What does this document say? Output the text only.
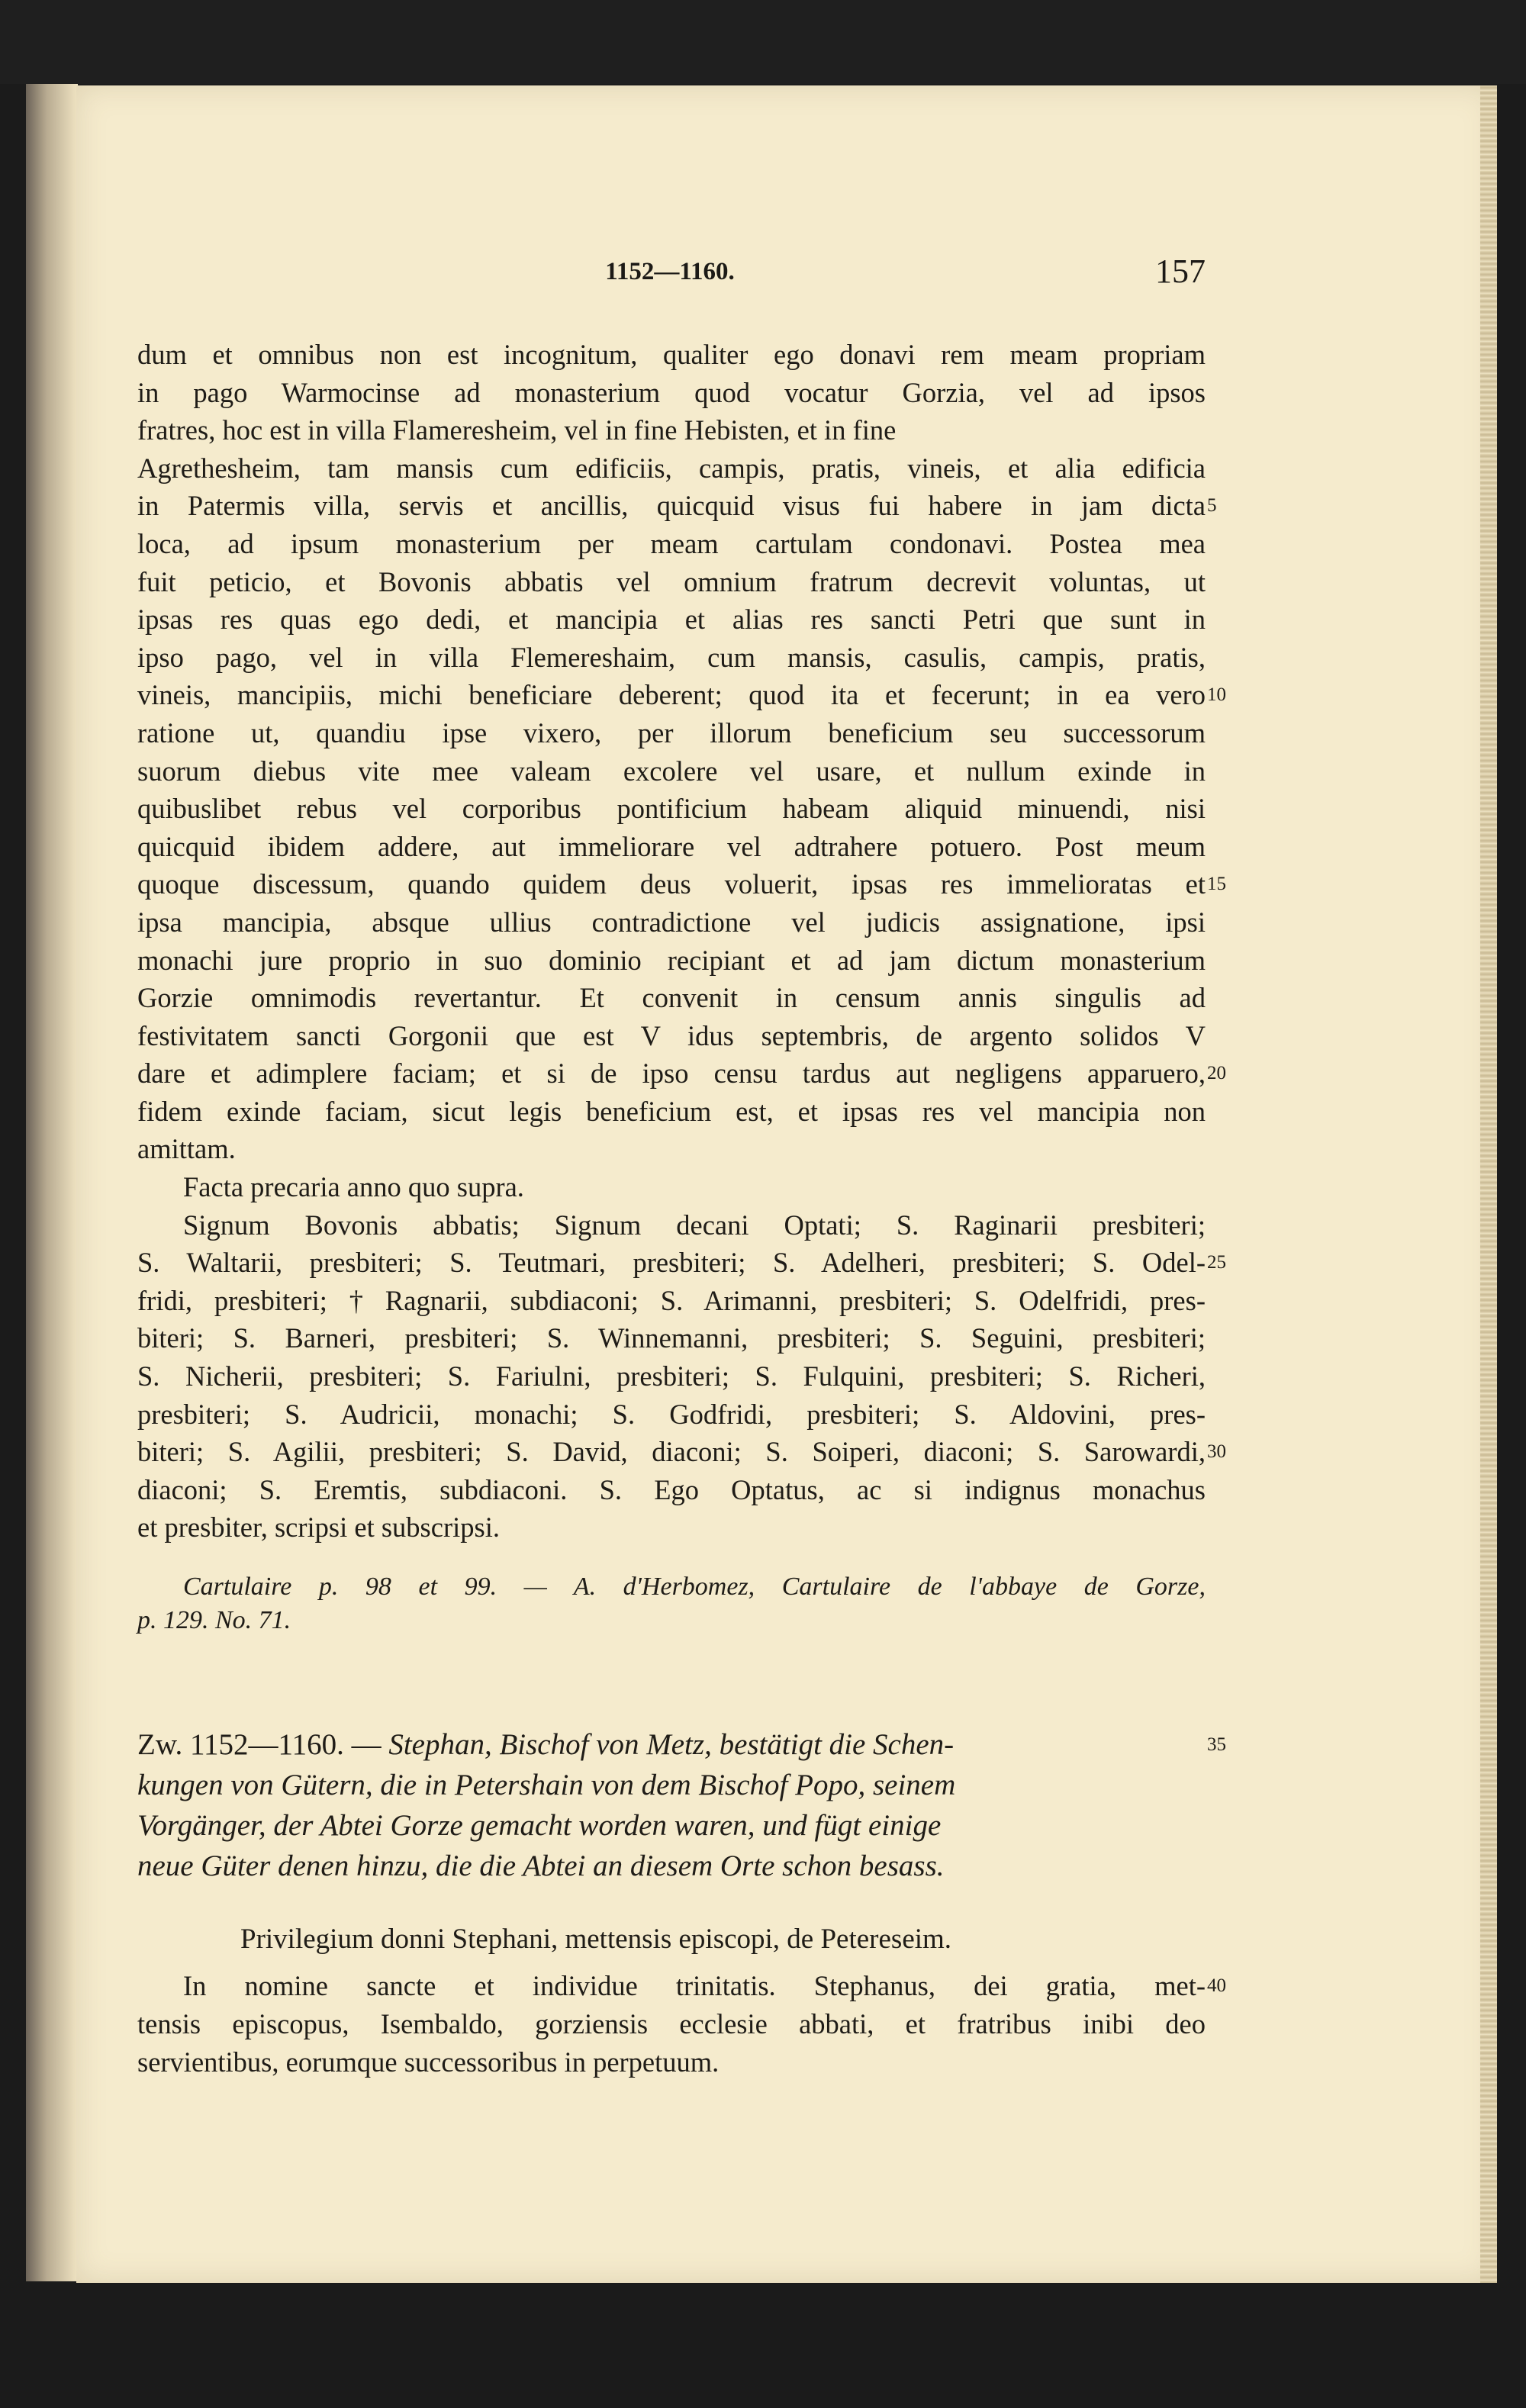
1152—1160.	157
dum et omnibus non est incognitum, qualiter ego donavi rem meam propriam
in pago Warmocinse ad monasterium quod vocatur Gorzia, vel ad ipsos
fratres, hoc est in villa Flameresheim, vel in fine Hebisten, et in fine
Agrethesheim, tam mansis cum edificiis, campis, pratis, vineis, et alia edificia
in Patermis villa, servis et ancillis, quicquid visus fui habere in jam dicta 5
loca, ad ipsum monasterium per meam cartulam condonavi. Postea mea
fuit peticio, et Bovonis abbatis vel omnium fratrum decrevit voluntas, ut
ipsas res quas ego dedi, et mancipia et alias res sancti Petri que sunt in
ipso pago, vel in villa Flemereshaim, cum mansis, casulis, campis, pratis,
vineis, mancipiis, michi beneficiare deberent; quod ita et fecerunt; in ea vero 10
ratione ut, quandiu ipse vixero, per illorum beneficium seu successorum
suorum diebus vite mee valeam excolere vel usare, et nullum exinde in
quibuslibet rebus vel corporibus pontificium habeam aliquid minuendi, nisi
quicquid ibidem addere, aut immeliorare vel adtrahere potuero. Post meum
quoque discessum, quando quidem deus voluerit, ipsas res immelioratas et 15
ipsa mancipia, absque ullius contradictione vel judicis assignatione, ipsi
monachi jure proprio in suo dominio recipiant et ad jam dictum monasterium
Gorzie omnimodis revertantur. Et convenit in censum annis singulis ad
festivitatem sancti Gorgonii que est V idus septembris, de argento solidos V
dare et adimplere faciam; et si de ipso censu tardus aut negligens apparuero, 20
fidem exinde faciam, sicut legis beneficium est, et ipsas res vel mancipia non
amittam.
Facta precaria anno quo supra.
Signum Bovonis abbatis; Signum decani Optati; S. Raginarii presbiteri;
S. Waltarii, presbiteri; S. Teutmari, presbiteri; S. Adelheri, presbiteri; S. Odel- 25
fridi, presbiteri; † Ragnarii, subdiaconi; S. Arimanni, presbiteri; S. Odelfridi, pres-
biteri; S. Barneri, presbiteri; S. Winnemanni, presbiteri; S. Seguini, presbiteri;
S. Nicherii, presbiteri; S. Fariulni, presbiteri; S. Fulquini, presbiteri; S. Richeri,
presbiteri; S. Audricii, monachi; S. Godfridi, presbiteri; S. Aldovini, pres-
biteri; S. Agilii, presbiteri; S. David, diaconi; S. Soiperi, diaconi; S. Sarowardi, 30
diaconi; S. Eremtis, subdiaconi. S. Ego Optatus, ac si indignus monachus
et presbiter, scripsi et subscripsi.
Cartulaire p. 98 et 99. — A. d'Herbomez, Cartulaire de l'abbaye de Gorze,
p. 129. No. 71.
Zw. 1152—1160. — Stephan, Bischof von Metz, bestätigt die Schen-	35
kungen von Gütern, die in Petershain von dem Bischof Popo, seinem
Vorgänger, der Abtei Gorze gemacht worden waren, und fügt einige
neue Güter denen hinzu, die die Abtei an diesem Orte schon besass.
Privilegium donni Stephani, mettensis episcopi, de Petereseim.
In nomine sancte et individue trinitatis. Stephanus, dei gratia, met- 40
tensis episcopus, Isembaldo, gorziensis ecclesie abbati, et fratribus inibi deo
servientibus, eorumque successoribus in perpetuum.
